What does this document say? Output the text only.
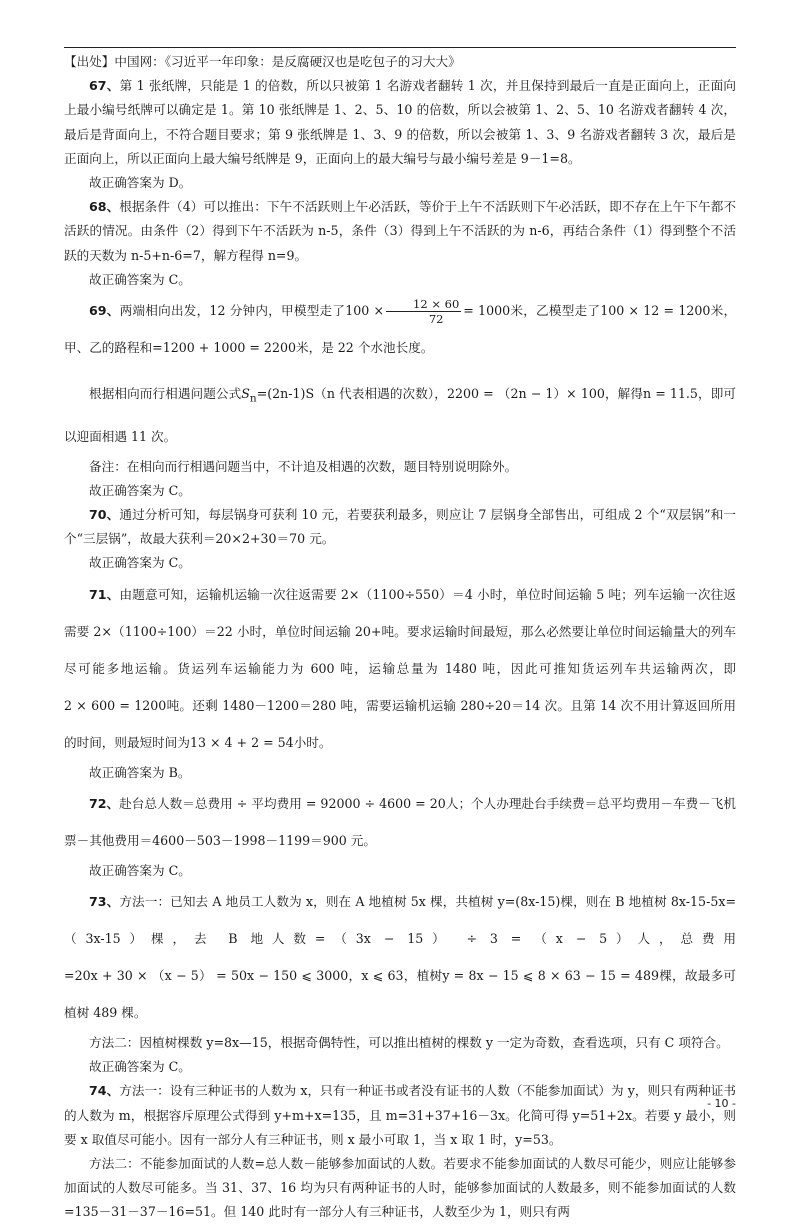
【出处】中国网：《习近平一年印象：是反腐硬汉也是吃包子的习大大》

67、第 1 张纸牌，只能是 1 的倍数，所以只被第 1 名游戏者翻转 1 次，并且保持到最后一直是正面向上，正面向上最小编号纸牌可以确定是 1。第 10 张纸牌是 1、2、5、10 的倍数，所以会被第 1、2、5、10 名游戏者翻转 4 次，最后是背面向上，不符合题目要求；第 9 张纸牌是 1、3、9 的倍数，所以会被第 1、3、9 名游戏者翻转 3 次，最后是正面向上，所以正面向上最大编号纸牌是 9，正面向上的最大编号与最小编号差是 9－1=8。

故正确答案为 D。

68、根据条件（4）可以推出：下午不活跃则上午必活跃，等价于上午不活跃则下午必活跃，即不存在上午下午都不活跃的情况。由条件（2）得到下午不活跃为 n-5，条件（3）得到上午不活跃的为 n-6，再结合条件（1）得到整个不活跃的天数为 n-5+n-6=7，解方程得 n=9。

故正确答案为 C。

69、两端相向出发，12 分钟内，甲模型走了$100 \times \frac{12 \times 60}{72} = 1000$米，乙模型走了100 × 12 = 1200米，甲、乙的路程和=1200 + 1000 = 2200米，是 22 个水池长度。

根据相向而行相遇问题公式$S_n=(2n-1)S(n$ 代表相遇的次数），2200 = （2n − 1）× 100，解得n = 11.5，即可以迎面相遇 11 次。

备注：在相向而行相遇问题当中，不计追及相遇的次数，题目特别说明除外。

故正确答案为 C。

70、通过分析可知，每层锅身可获利 10 元，若要获利最多，则应让 7 层锅身全部售出，可组成 2 个“双层锅”和一个“三层锅”，故最大获利＝20×2+30＝70 元。

故正确答案为 C。

71、由题意可知，运输机运输一次往返需要 2×（1100÷550）＝4 小时，单位时间运输 5 吨；列车运输一次往返需要 2×（1100÷100）＝22 小时，单位时间运输 20+吨。要求运输时间最短，那么必然要让单位时间运输量大的列车尽可能多地运输。货运列车运输能力为 600 吨，运输总量为 1480 吨，因此可推知货运列车共运输两次，即2 × 600 = 1200吨。还剩 1480－1200＝280 吨，需要运输机运输 280÷20＝14 次。且第 14 次不用计算返回所用的时间，则最短时间为13 × 4 + 2 = 54小时。

故正确答案为 B。

72、赴台总人数＝总费用 ÷ 平均费用 = 92000 ÷ 4600 = 20人；个人办理赴台手续费＝总平均费用－车费－飞机票－其他费用＝4600－503－1998－1199＝900 元。

故正确答案为 C。

73、方法一：已知去 A 地员工人数为 x，则在 A 地植树 5x 棵，共植树 y=(8x-15)棵，则在 B 地植树 8x-15-5x=（3x-15）棵，去 B 地人数=（3x − 15） ÷ 3 = （x − 5）人，总费用=20x + 30 × （x − 5） = 50x − 150 ⩽ 3000，x ⩽ 63，植树y = 8x − 15 ⩽ 8 × 63 − 15 = 489棵，故最多可植树 489 棵。

方法二：因植树棵数 y=8x—15，根据奇偶特性，可以推出植树的棵数 y 一定为奇数，查看选项，只有 C 项符合。

故正确答案为 C。

74、方法一：设有三种证书的人数为 x，只有一种证书或者没有证书的人数（不能参加面试）为 y，则只有两种证书的人数为 m，根据容斥原理公式得到 y+m+x=135，且 m=31+37+16－3x。化简可得 y=51+2x。若要 y 最小，则要 x 取值尽可能小。因有一部分人有三种证书，则 x 最小可取 1，当 x 取 1 时，y=53。

方法二：不能参加面试的人数=总人数－能够参加面试的人数。若要求不能参加面试的人数尽可能少，则应让能够参加面试的人数尽可能多。当 31、37、16 均为只有两种证书的人时，能够参加面试的人数最多，则不能参加面试的人数=135－31－37－16=51。但 140 此时有一部分人有三种证书，人数至少为 1，则只有两

- 10 -
